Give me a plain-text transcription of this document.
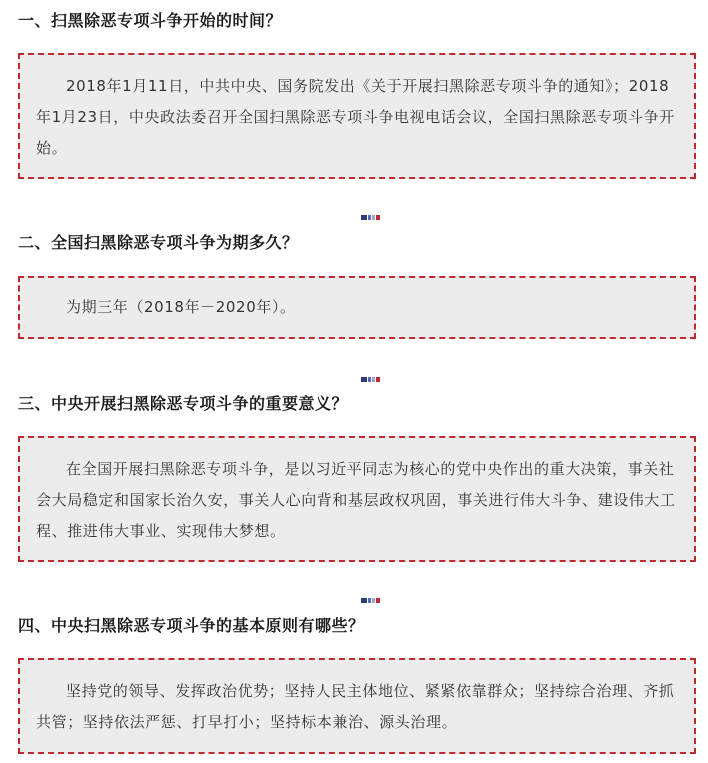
一、扫黑除恶专项斗争开始的时间？
2018年1月11日，中共中央、国务院发出《关于开展扫黑除恶专项斗争的通知》；2018年1月23日，中央政法委召开全国扫黑除恶专项斗争电视电话会议，全国扫黑除恶专项斗争开始。
二、全国扫黑除恶专项斗争为期多久？
为期三年（2018年－2020年）。
三、中央开展扫黑除恶专项斗争的重要意义？
在全国开展扫黑除恶专项斗争，是以习近平同志为核心的党中央作出的重大决策，事关社会大局稳定和国家长治久安，事关人心向背和基层政权巩固，事关进行伟大斗争、建设伟大工程、推进伟大事业、实现伟大梦想。
四、中央扫黑除恶专项斗争的基本原则有哪些？
坚持党的领导、发挥政治优势；坚持人民主体地位、紧紧依靠群众；坚持综合治理、齐抓共管；坚持依法严惩、打早打小；坚持标本兼治、源头治理。
